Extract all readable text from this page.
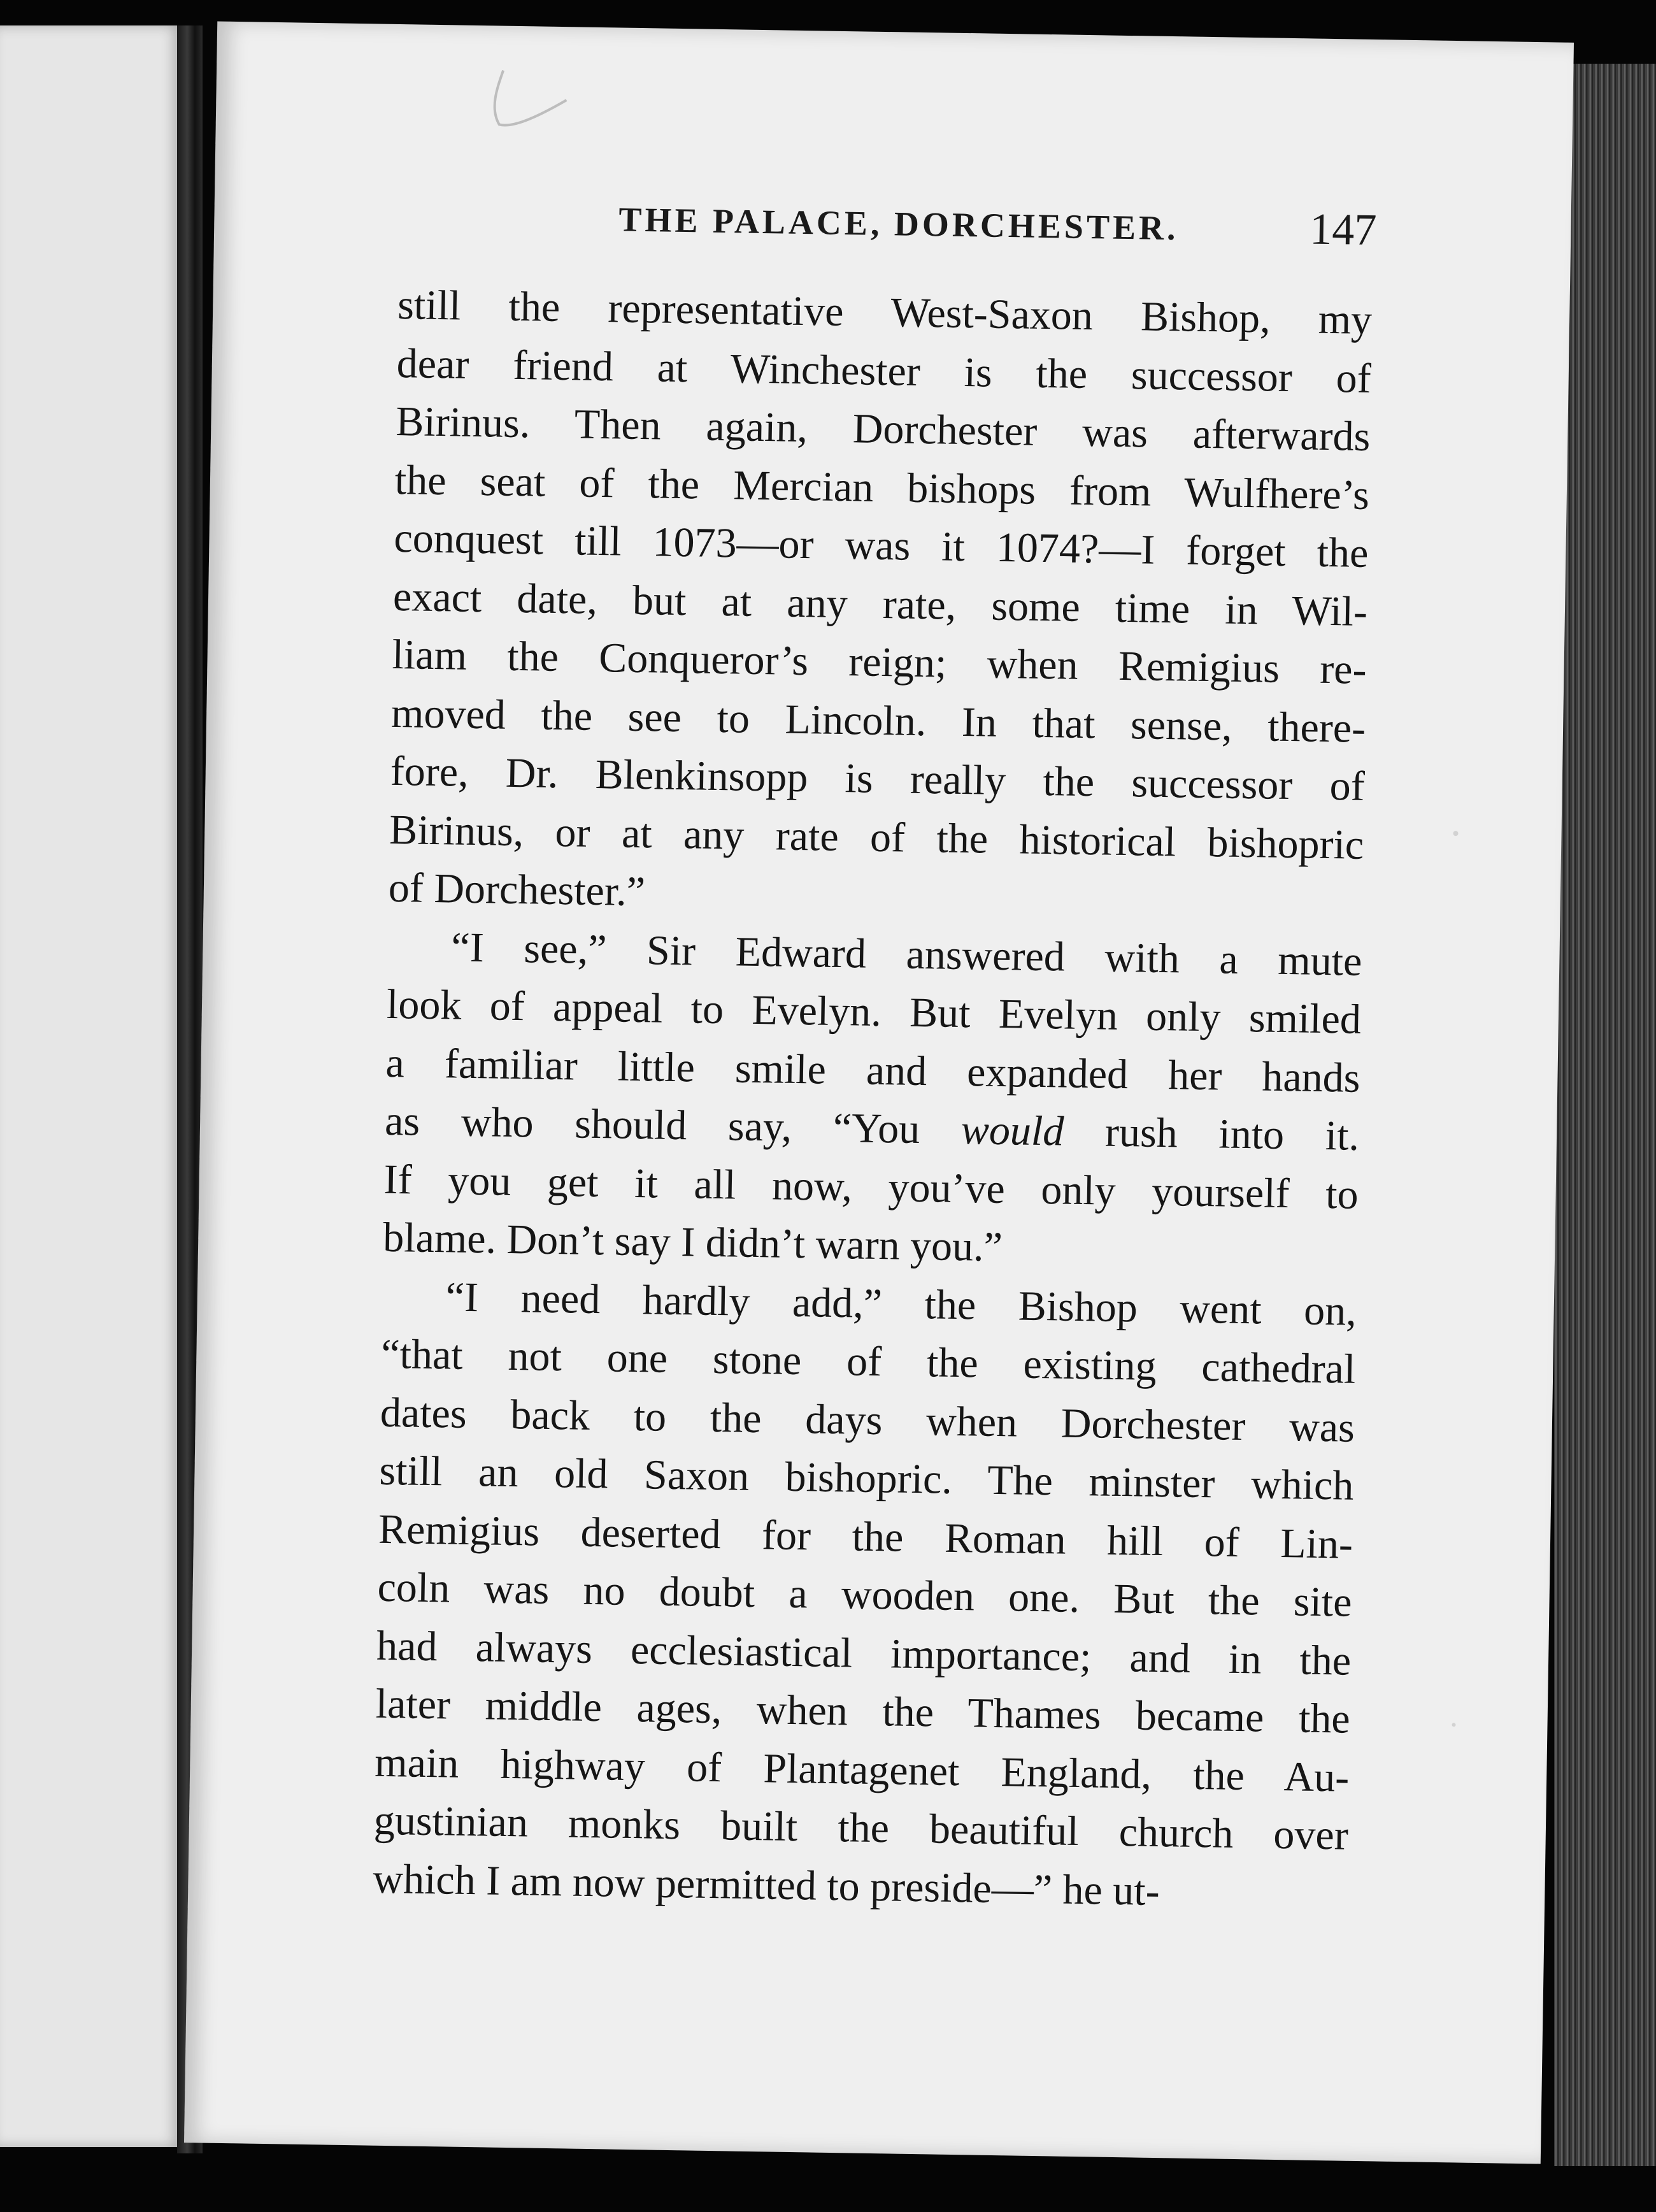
THE PALACE, DORCHESTER.	147
still the representative West-Saxon Bishop, my
dear friend at Winchester is the successor of
Birinus. Then again, Dorchester was afterwards
the seat of the Mercian bishops from Wulfhere’s
conquest till 1073—or was it 1074?—I forget the
exact date, but at any rate, some time in Wil-
liam the Conqueror’s reign; when Remigius re-
moved the see to Lincoln. In that sense, there-
fore, Dr. Blenkinsopp is really the successor of
Birinus, or at any rate of the historical bishopric
of Dorchester.”
“I see,” Sir Edward answered with a mute
look of appeal to Evelyn. But Evelyn only smiled
a familiar little smile and expanded her hands
as who should say, “You would rush into it.
If you get it all now, you’ve only yourself to
blame. Don’t say I didn’t warn you.”
“I need hardly add,” the Bishop went on,
“that not one stone of the existing cathedral
dates back to the days when Dorchester was
still an old Saxon bishopric. The minster which
Remigius deserted for the Roman hill of Lin-
coln was no doubt a wooden one. But the site
had always ecclesiastical importance; and in the
later middle ages, when the Thames became the
main highway of Plantagenet England, the Au-
gustinian monks built the beautiful church over
which I am now permitted to preside—” he ut-
